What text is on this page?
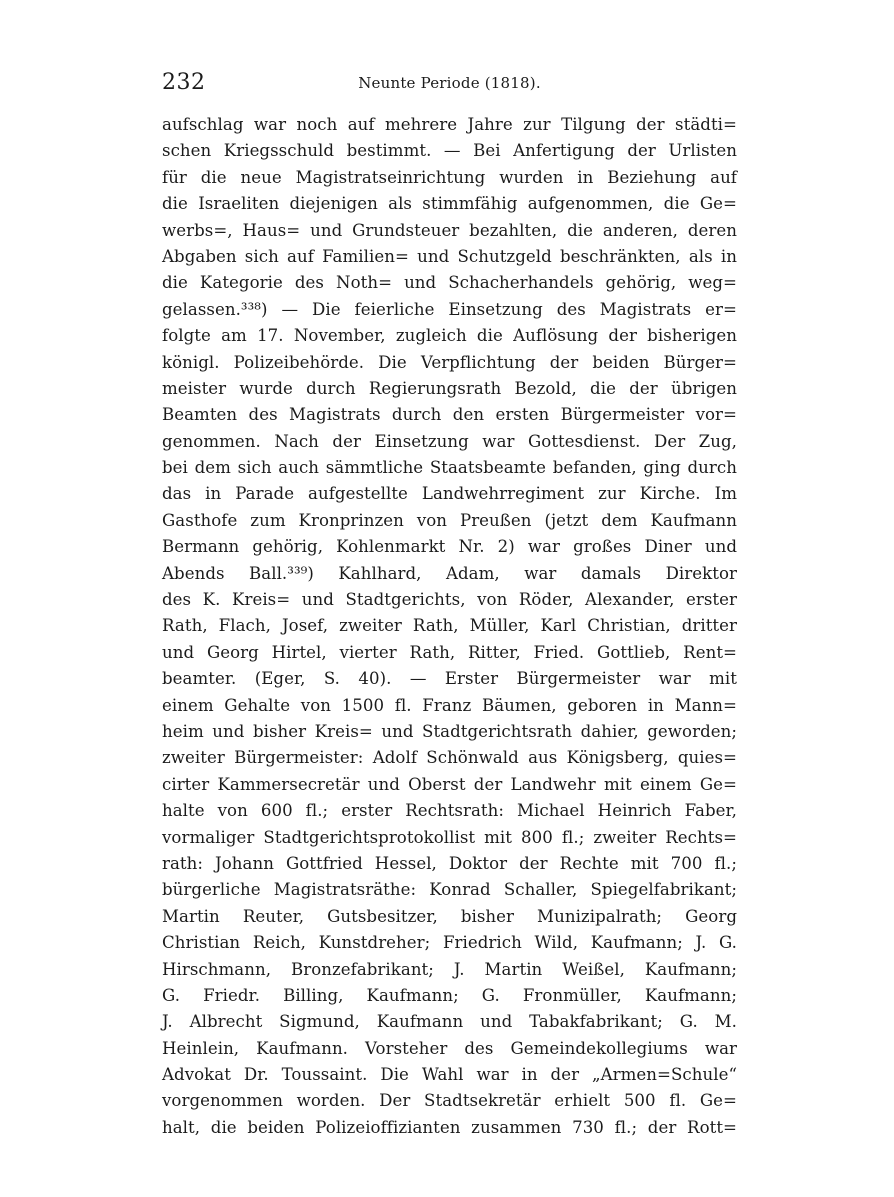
232	Neunte Periode (1818).
aufschlag war noch auf mehrere Jahre zur Tilgung der städti=
schen Kriegsschuld bestimmt. — Bei Anfertigung der Urlisten
für die neue Magistratseinrichtung wurden in Beziehung auf
die Israeliten diejenigen als stimmfähig aufgenommen, die Ge=
werbs=, Haus= und Grundsteuer bezahlten, die anderen, deren
Abgaben sich auf Familien= und Schutzgeld beschränkten, als in
die Kategorie des Noth= und Schacherhandels gehörig, weg=
gelassen.³³⁸) — Die feierliche Einsetzung des Magistrats er=
folgte am 17. November, zugleich die Auflösung der bisherigen
königl. Polizeibehörde. Die Verpflichtung der beiden Bürger=
meister wurde durch Regierungsrath Bezold, die der übrigen
Beamten des Magistrats durch den ersten Bürgermeister vor=
genommen. Nach der Einsetzung war Gottesdienst. Der Zug,
bei dem sich auch sämmtliche Staatsbeamte befanden, ging durch
das in Parade aufgestellte Landwehrregiment zur Kirche. Im
Gasthofe zum Kronprinzen von Preußen (jetzt dem Kaufmann
Bermann gehörig, Kohlenmarkt Nr. 2) war großes Diner und
Abends Ball.³³⁹) Kahlhard, Adam, war damals Direktor
des K. Kreis= und Stadtgerichts, von Röder, Alexander, erster
Rath, Flach, Josef, zweiter Rath, Müller, Karl Christian, dritter
und Georg Hirtel, vierter Rath, Ritter, Fried. Gottlieb, Rent=
beamter. (Eger, S. 40). — Erster Bürgermeister war mit
einem Gehalte von 1500 fl. Franz Bäumen, geboren in Mann=
heim und bisher Kreis= und Stadtgerichtsrath dahier, geworden;
zweiter Bürgermeister: Adolf Schönwald aus Königsberg, quies=
cirter Kammersecretär und Oberst der Landwehr mit einem Ge=
halte von 600 fl.; erster Rechtsrath: Michael Heinrich Faber,
vormaliger Stadtgerichtsprotokollist mit 800 fl.; zweiter Rechts=
rath: Johann Gottfried Hessel, Doktor der Rechte mit 700 fl.;
bürgerliche Magistratsräthe: Konrad Schaller, Spiegelfabrikant;
Martin Reuter, Gutsbesitzer, bisher Munizipalrath; Georg
Christian Reich, Kunstdreher; Friedrich Wild, Kaufmann; J. G.
Hirschmann, Bronzefabrikant; J. Martin Weißel, Kaufmann;
G. Friedr. Billing, Kaufmann; G. Fronmüller, Kaufmann;
J. Albrecht Sigmund, Kaufmann und Tabakfabrikant; G. M.
Heinlein, Kaufmann. Vorsteher des Gemeindekollegiums war
Advokat Dr. Toussaint. Die Wahl war in der „Armen=Schule“
vorgenommen worden. Der Stadtsekretär erhielt 500 fl. Ge=
halt, die beiden Polizeioffizianten zusammen 730 fl.; der Rott=
